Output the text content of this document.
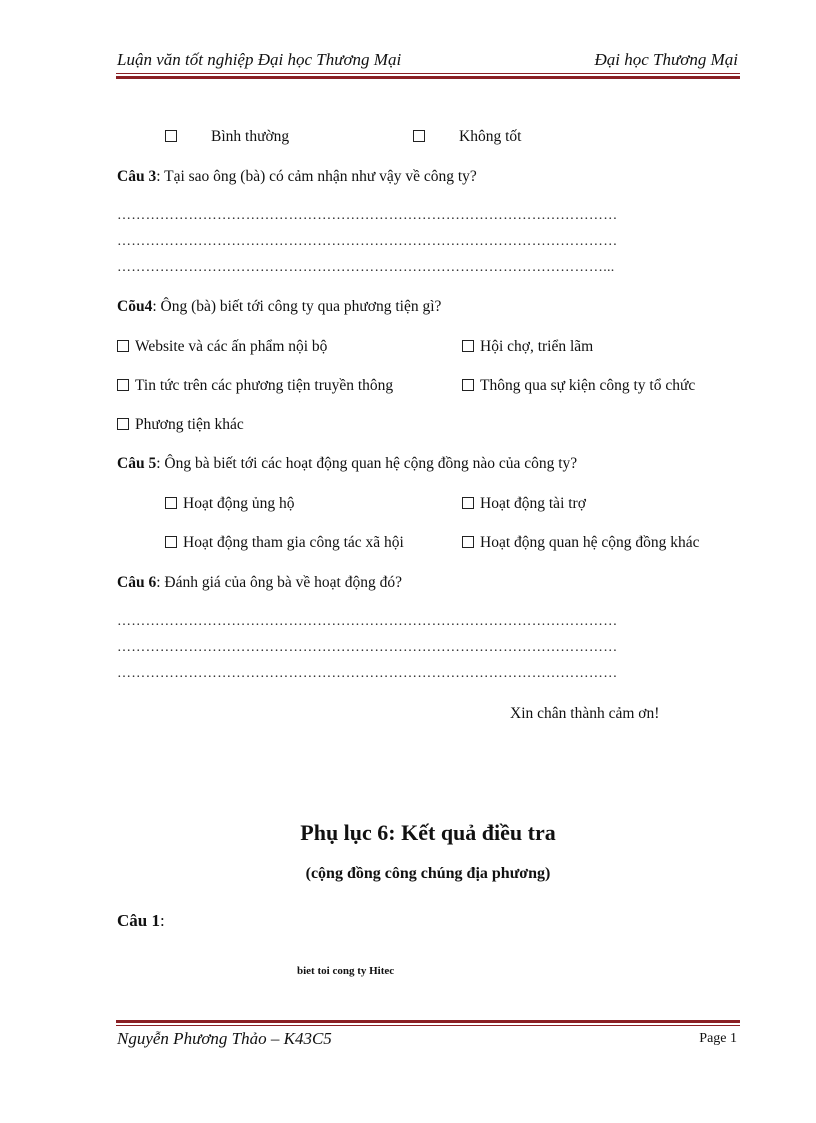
Luận văn tốt nghiệp Đại học Thương Mại	Đại học Thương Mại
Bình thường	Không tốt
Câu 3: Tại sao ông (bà) có cảm nhận như vậy về công ty?
……………………………………………………………………………………………
……………………………………………………………………………………………
…………………………………………………………………………………………...
Cõu4: Ông (bà) biết tới công ty qua phương tiện gì?
Website và các ấn phẩm nội bộ	Hội chợ, triển lãm
Tin tức trên các phương tiện truyền thông	Thông qua sự kiện công ty tổ chức
Phương tiện khác
Câu 5: Ông bà biết tới các hoạt động quan hệ cộng đồng nào của công ty?
Hoạt động ủng hộ	Hoạt động tài trợ
Hoạt động tham gia công tác xã hội	Hoạt động quan hệ cộng đồng khác
Câu 6: Đánh giá của ông bà về hoạt động đó?
……………………………………………………………………………………………
……………………………………………………………………………………………
……………………………………………………………………………………………
Xin chân thành cảm ơn!
Phụ lục 6: Kết quả điều tra
(cộng đồng công chúng địa phương)
Câu 1:
biet toi cong ty Hitec
Nguyễn Phương Thảo – K43C5	Page 1
